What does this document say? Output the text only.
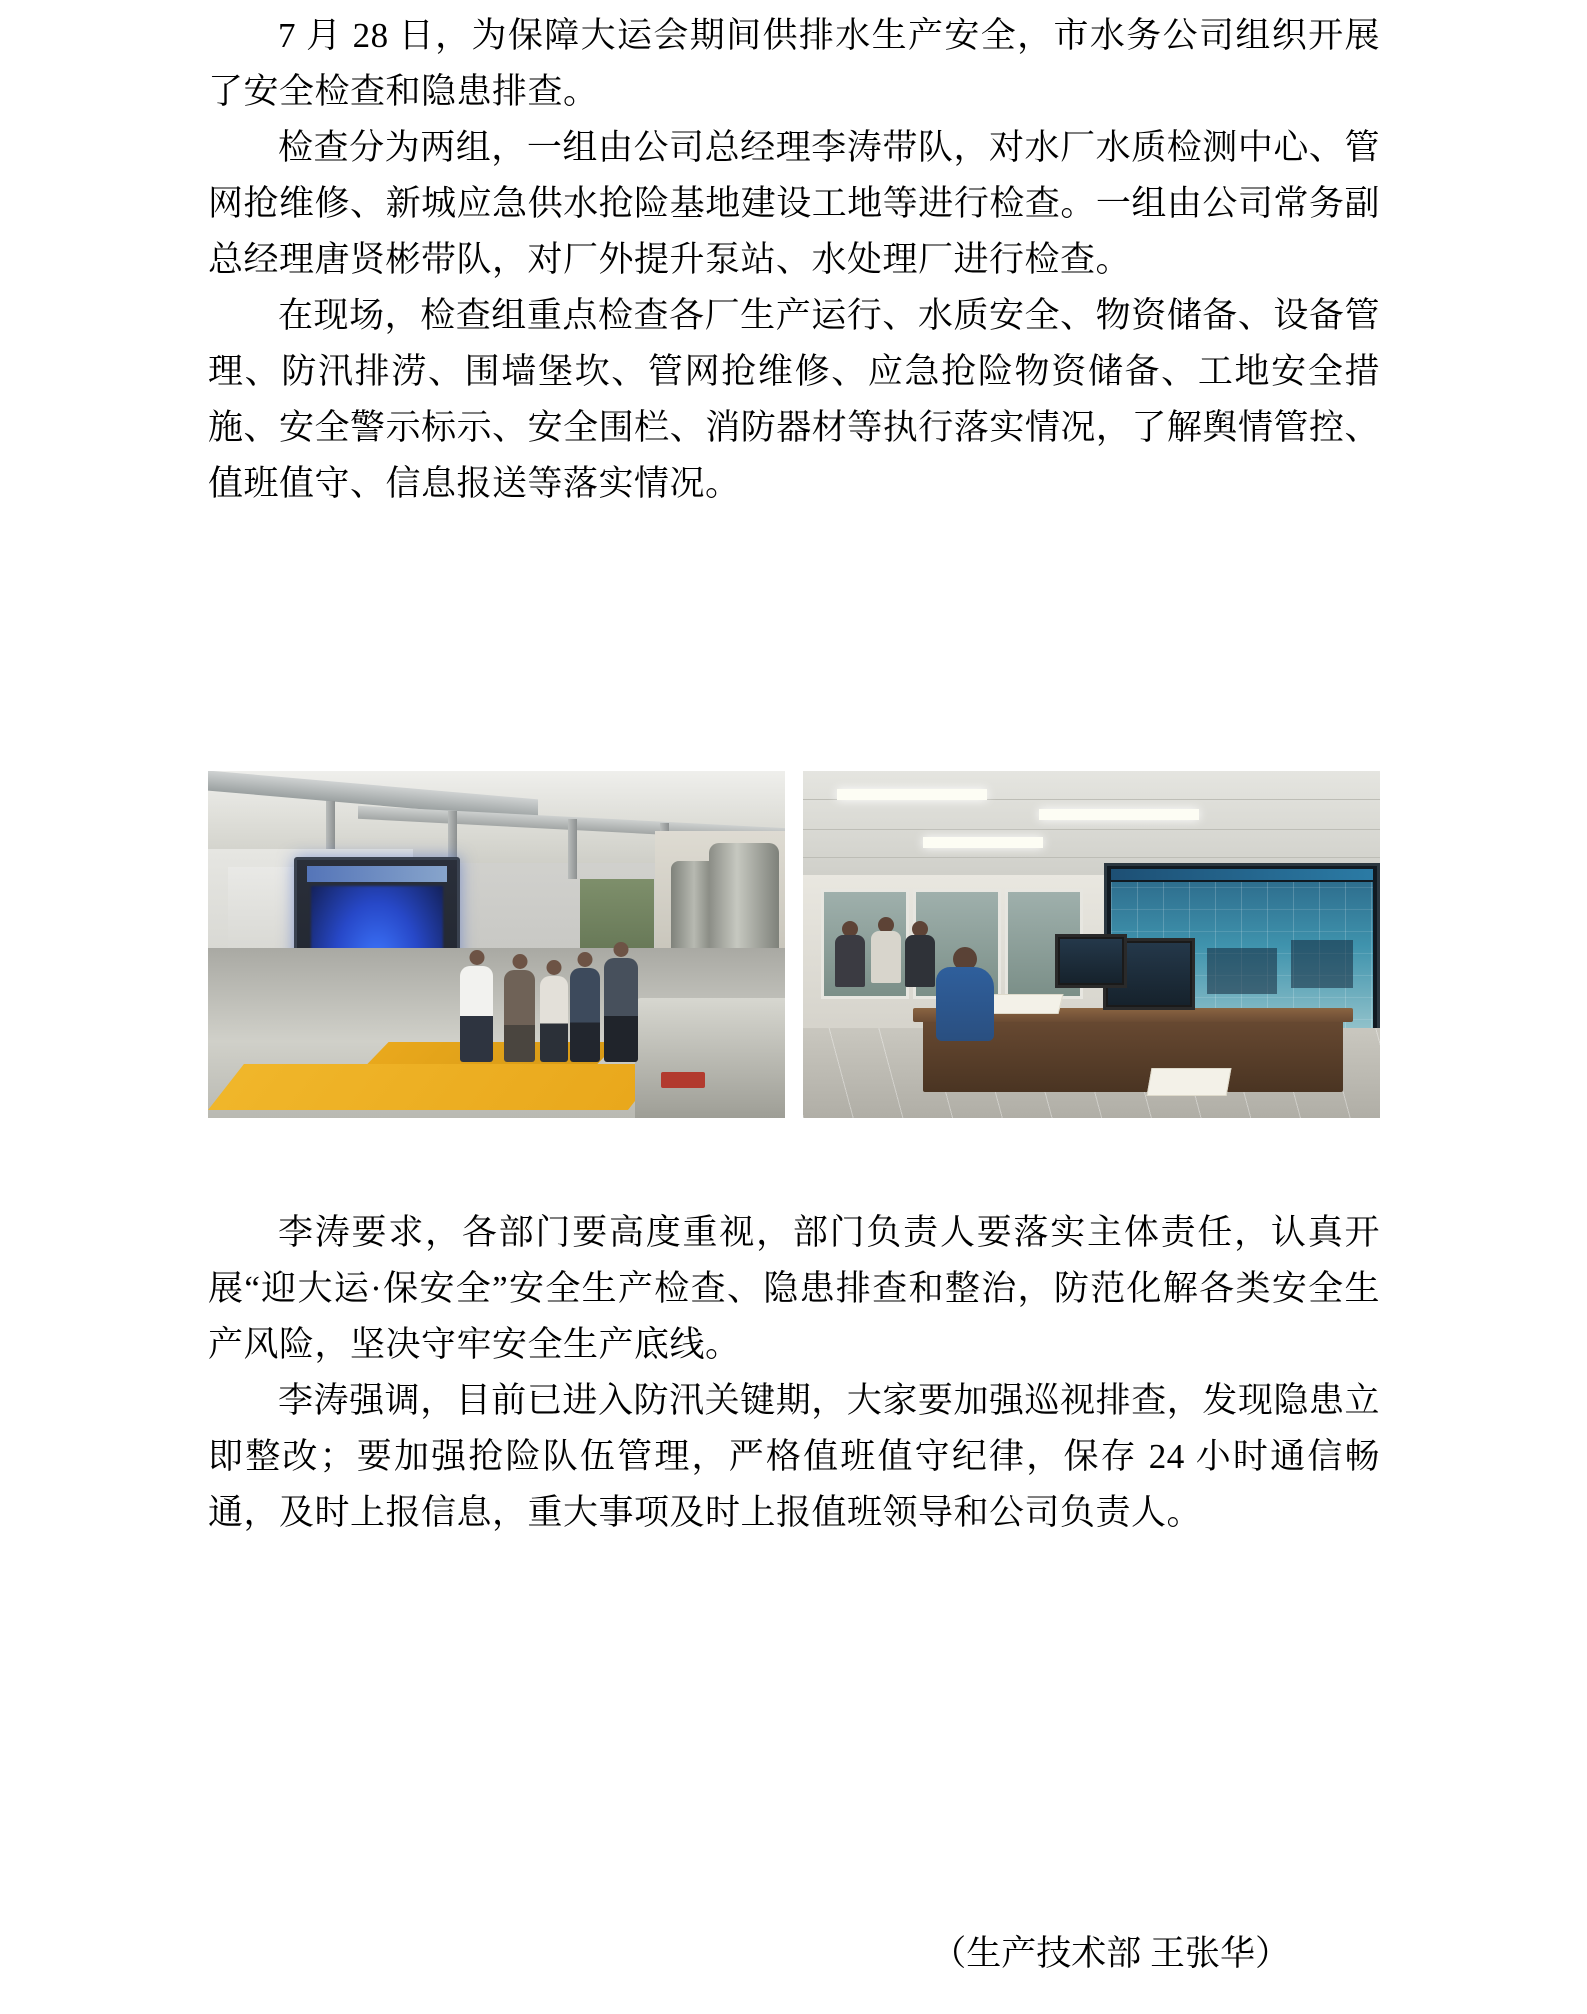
7 月 28 日，为保障大运会期间供排水生产安全，市水务公司组织开展了安全检查和隐患排查。

检查分为两组，一组由公司总经理李涛带队，对水厂水质检测中心、管网抢维修、新城应急供水抢险基地建设工地等进行检查。一组由公司常务副总经理唐贤彬带队，对厂外提升泵站、水处理厂进行检查。

在现场，检查组重点检查各厂生产运行、水质安全、物资储备、设备管理、防汛排涝、围墙堡坎、管网抢维修、应急抢险物资储备、工地安全措施、安全警示标示、安全围栏、消防器材等执行落实情况，了解舆情管控、值班值守、信息报送等落实情况。

李涛要求，各部门要高度重视，部门负责人要落实主体责任，认真开展“迎大运·保安全”安全生产检查、隐患排查和整治，防范化解各类安全生产风险，坚决守牢安全生产底线。

李涛强调，目前已进入防汛关键期，大家要加强巡视排查，发现隐患立即整改；要加强抢险队伍管理，严格值班值守纪律，保存 24 小时通信畅通，及时上报信息，重大事项及时上报值班领导和公司负责人。

（生产技术部 王张华）
